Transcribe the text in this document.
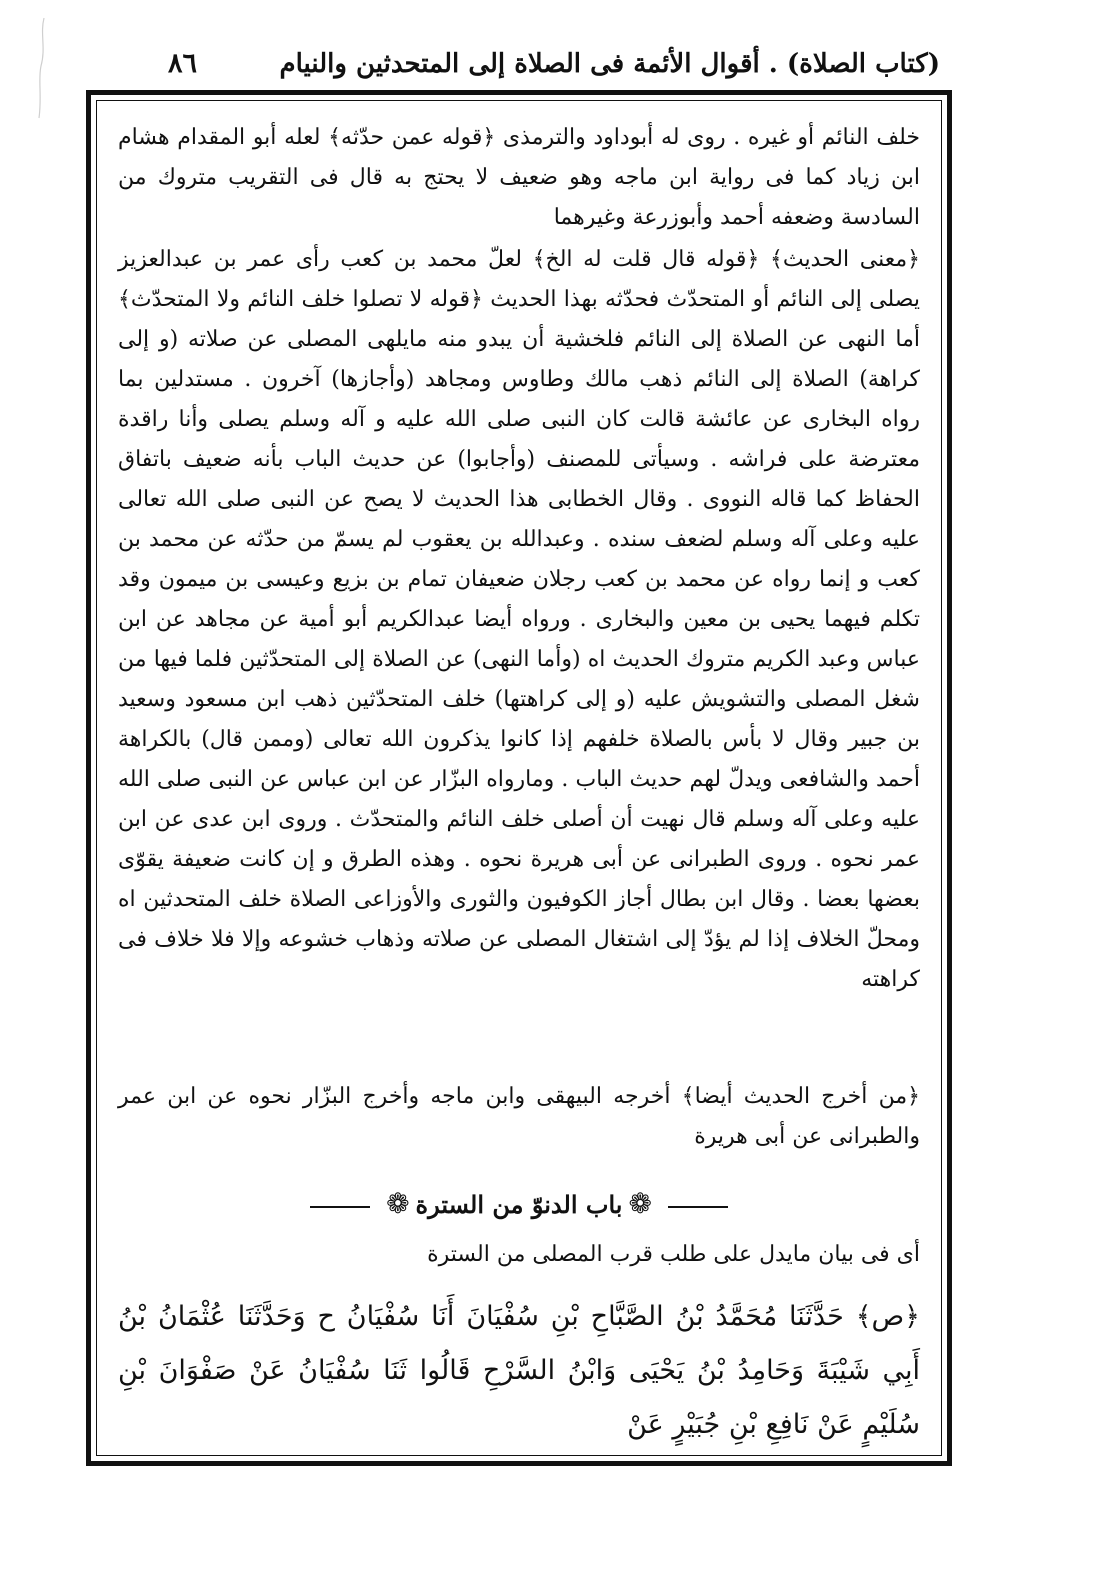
(كتاب الصلاة) . أقوال الأئمة فى الصلاة إلى المتحدثين والنيام
٨٦

خلف النائم أو غيره . روى له أبوداود والترمذى ﴿قوله عمن حدّثه﴾ لعله أبو المقدام هشام ابن زياد كما فى رواية ابن ماجه وهو ضعيف لا يحتج به قال فى التقريب متروك من السادسة وضعفه أحمد وأبوزرعة وغيرهما

﴿معنى الحديث﴾ ﴿قوله قال قلت له الخ﴾ لعلّ محمد بن كعب رأى عمر بن عبدالعزيز يصلى إلى النائم أو المتحدّث فحدّثه بهذا الحديث ﴿قوله لا تصلوا خلف النائم ولا المتحدّث﴾ أما النهى عن الصلاة إلى النائم فلخشية أن يبدو منه مايلهى المصلى عن صلاته (و إلى كراهة) الصلاة إلى النائم ذهب مالك وطاوس ومجاهد (وأجازها) آخرون . مستدلين بما رواه البخارى عن عائشة قالت كان النبى صلى الله عليه و آله وسلم يصلى وأنا راقدة معترضة على فراشه . وسيأتى للمصنف (وأجابوا) عن حديث الباب بأنه ضعيف باتفاق الحفاظ كما قاله النووى . وقال الخطابى هذا الحديث لا يصح عن النبى صلى الله تعالى عليه وعلى آله وسلم لضعف سنده . وعبدالله بن يعقوب لم يسمّ من حدّثه عن محمد بن كعب و إنما رواه عن محمد بن كعب رجلان ضعيفان تمام بن بزيع وعيسى بن ميمون وقد تكلم فيهما يحيى بن معين والبخارى . ورواه أيضا عبدالكريم أبو أمية عن مجاهد عن ابن عباس وعبد الكريم متروك الحديث اه (وأما النهى) عن الصلاة إلى المتحدّثين فلما فيها من شغل المصلى والتشويش عليه (و إلى كراهتها) خلف المتحدّثين ذهب ابن مسعود وسعيد بن جبير وقال لا بأس بالصلاة خلفهم إذا كانوا يذكرون الله تعالى (وممن قال) بالكراهة أحمد والشافعى ويدلّ لهم حديث الباب . ومارواه البزّار عن ابن عباس عن النبى صلى الله عليه وعلى آله وسلم قال نهيت أن أصلى خلف النائم والمتحدّث . وروى ابن عدى عن ابن عمر نحوه . وروى الطبرانى عن أبى هريرة نحوه . وهذه الطرق و إن كانت ضعيفة يقوّى بعضها بعضا . وقال ابن بطال أجاز الكوفيون والثورى والأوزاعى الصلاة خلف المتحدثين اه ومحلّ الخلاف إذا لم يؤدّ إلى اشتغال المصلى عن صلاته وذهاب خشوعه وإلا فلا خلاف فى كراهته

﴿من أخرج الحديث أيضا﴾ أخرجه البيهقى وابن ماجه وأخرج البزّار نحوه عن ابن عمر والطبرانى عن أبى هريرة

❁باب الدنوّ من السترة❁

أى فى بيان مايدل على طلب قرب المصلى من السترة

﴿ص﴾ حَدَّثَنَا مُحَمَّدُ بْنُ الصَّبَّاحِ بْنِ سُفْيَانَ أَنَا سُفْيَانُ ح وَحَدَّثَنَا عُثْمَانُ بْنُ أَبِي شَيْبَةَ وَحَامِدُ بْنُ يَحْيَى وَابْنُ السَّرْحِ قَالُوا ثَنَا سُفْيَانُ عَنْ صَفْوَانَ بْنِ سُلَيْمٍ عَنْ نَافِعِ بْنِ جُبَيْرٍ عَنْ
